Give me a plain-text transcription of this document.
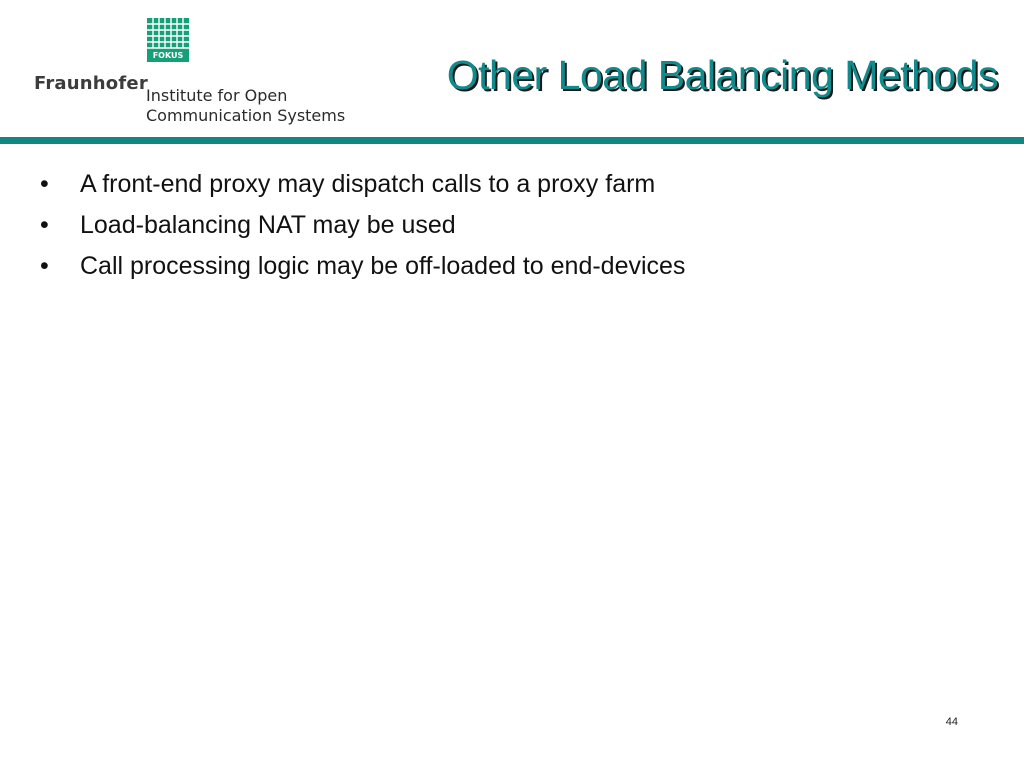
FOKUS
Fraunhofer
Institute for Open
Communication Systems
Other Load Balancing Methods
• A front-end proxy may dispatch calls to a proxy farm
• Load-balancing NAT may be used
• Call processing logic may be off-loaded to end-devices
44
